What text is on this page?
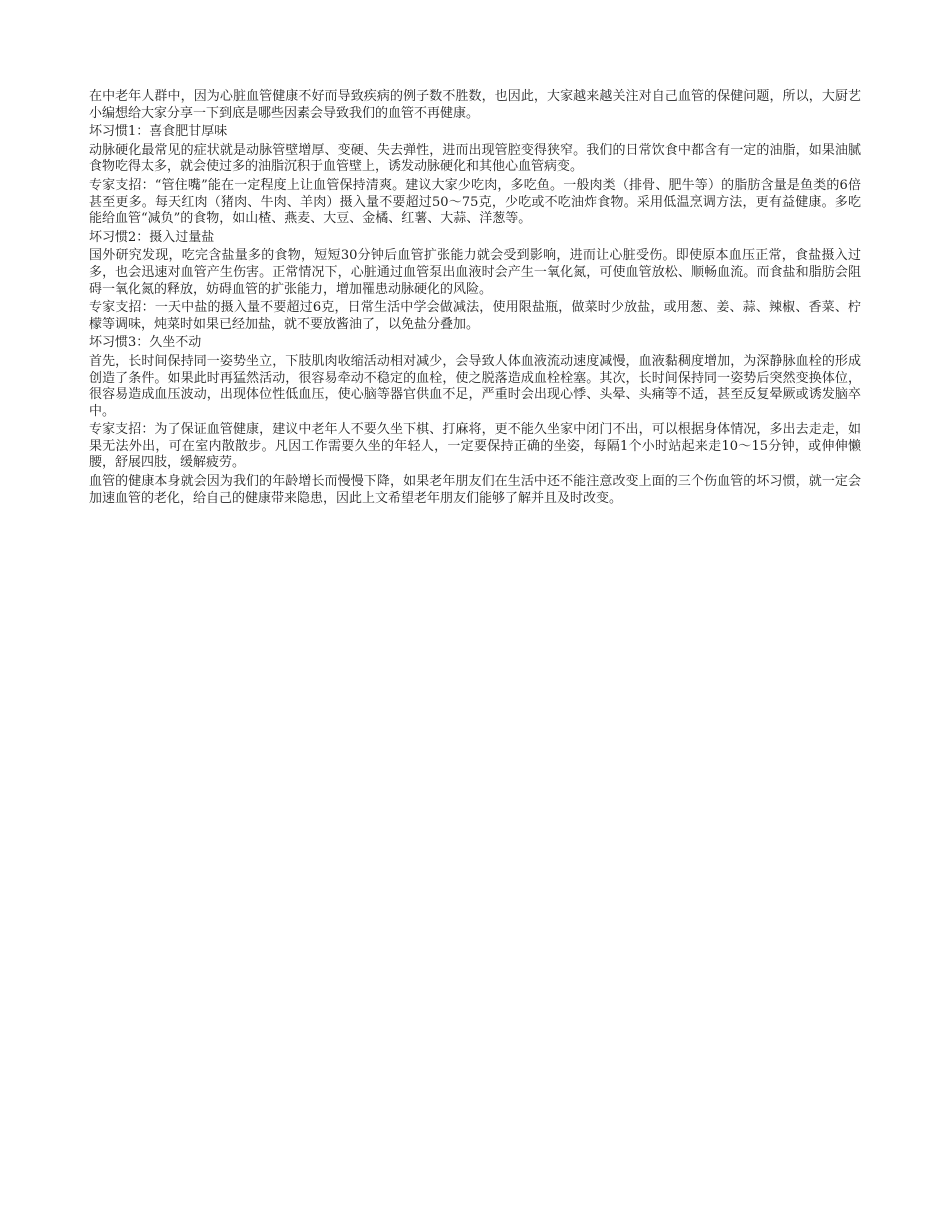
在中老年人群中，因为心脏血管健康不好而导致疾病的例子数不胜数，也因此，大家越来越关注对自己血管的保健问题，所以，大厨艺小编想给大家分享一下到底是哪些因素会导致我们的血管不再健康。

坏习惯1：喜食肥甘厚味

动脉硬化最常见的症状就是动脉管壁增厚、变硬、失去弹性，进而出现管腔变得狭窄。我们的日常饮食中都含有一定的油脂，如果油腻食物吃得太多，就会使过多的油脂沉积于血管壁上，诱发动脉硬化和其他心血管病变。

专家支招：“管住嘴”能在一定程度上让血管保持清爽。建议大家少吃肉，多吃鱼。一般肉类（排骨、肥牛等）的脂肪含量是鱼类的6倍甚至更多。每天红肉（猪肉、牛肉、羊肉）摄入量不要超过50～75克，少吃或不吃油炸食物。采用低温烹调方法，更有益健康。多吃能给血管“减负”的食物，如山楂、燕麦、大豆、金橘、红薯、大蒜、洋葱等。

坏习惯2：摄入过量盐

国外研究发现，吃完含盐量多的食物，短短30分钟后血管扩张能力就会受到影响，进而让心脏受伤。即使原本血压正常，食盐摄入过多，也会迅速对血管产生伤害。正常情况下，心脏通过血管泵出血液时会产生一氧化氮，可使血管放松、顺畅血流。而食盐和脂肪会阻碍一氧化氮的释放，妨碍血管的扩张能力，增加罹患动脉硬化的风险。

专家支招：一天中盐的摄入量不要超过6克，日常生活中学会做减法，使用限盐瓶，做菜时少放盐，或用葱、姜、蒜、辣椒、香菜、柠檬等调味，炖菜时如果已经加盐，就不要放酱油了，以免盐分叠加。

坏习惯3：久坐不动

首先，长时间保持同一姿势坐立，下肢肌肉收缩活动相对减少，会导致人体血液流动速度减慢，血液黏稠度增加，为深静脉血栓的形成创造了条件。如果此时再猛然活动，很容易牵动不稳定的血栓，使之脱落造成血栓栓塞。其次，长时间保持同一姿势后突然变换体位，很容易造成血压波动，出现体位性低血压，使心脑等器官供血不足，严重时会出现心悸、头晕、头痛等不适，甚至反复晕厥或诱发脑卒中。

专家支招：为了保证血管健康，建议中老年人不要久坐下棋、打麻将，更不能久坐家中闭门不出，可以根据身体情况，多出去走走，如果无法外出，可在室内散散步。凡因工作需要久坐的年轻人，一定要保持正确的坐姿，每隔1个小时站起来走10～15分钟，或伸伸懒腰，舒展四肢，缓解疲劳。

血管的健康本身就会因为我们的年龄增长而慢慢下降，如果老年朋友们在生活中还不能注意改变上面的三个伤血管的坏习惯，就一定会加速血管的老化，给自己的健康带来隐患，因此上文希望老年朋友们能够了解并且及时改变。
